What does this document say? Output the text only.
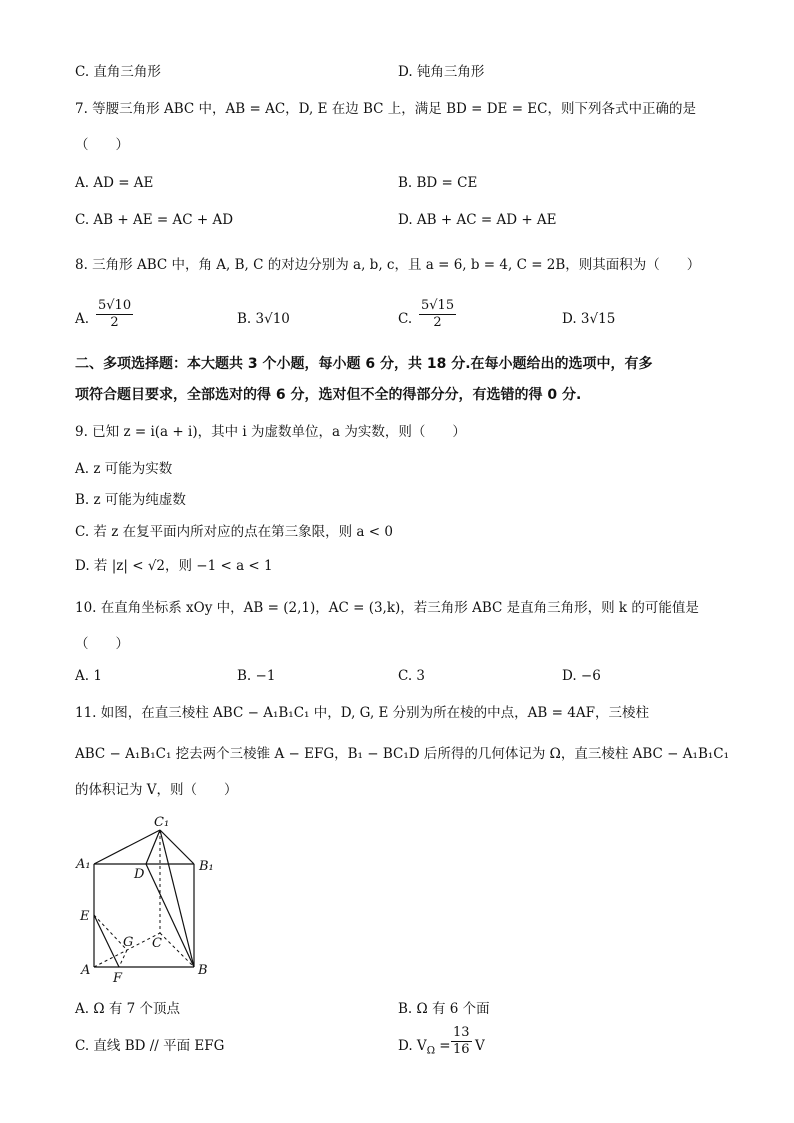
C. 直角三角形	D. 钝角三角形
7. 等腰三角形 ABC 中，AB = AC，D, E 在边 BC 上，满足 BD = DE = EC，则下列各式中正确的是
（　　）
A. AD = AE	B. BD = CE
C. AB + AE = AC + AD	D. AB + AC = AD + AE
8. 三角形 ABC 中，角 A, B, C 的对边分别为 a, b, c，且 a = 6, b = 4, C = 2B，则其面积为（　　）
A. $\frac{5√10}{2}$	B. 3√10	C. $\frac{5√15}{2}$	D. 3√15
二、多项选择题：本大题共 3 个小题，每小题 6 分，共 18 分.在每小题给出的选项中，有多
项符合题目要求，全部选对的得 6 分，选对但不全的得部分分，有选错的得 0 分.
9. 已知 z = i(a + i)，其中 i 为虚数单位，a 为实数，则（　　）
A. z 可能为实数
B. z 可能为纯虚数
C. 若 z 在复平面内所对应的点在第三象限，则 a < 0
D. 若 |z| < √2，则 −1 < a < 1
10. 在直角坐标系 xOy 中，AB = (2,1)，AC = (3,k)，若三角形 ABC 是直角三角形，则 k 的可能值是
（　　）
A. 1	B. −1	C. 3	D. −6
11. 如图，在直三棱柱 ABC − A₁B₁C₁ 中，D, G, E 分别为所在棱的中点，AB = 4AF，三棱柱
ABC − A₁B₁C₁ 挖去两个三棱锥 A − EFG，B₁ − BC₁D 后所得的几何体记为 Ω，直三棱柱 ABC − A₁B₁C₁
的体积记为 V，则（　　）
C₁
A₁	B₁
D
E
G C
A
F
B
A. Ω 有 7 个顶点	B. Ω 有 6 个面
C. 直线 BD // 平面 EFG	D. $V_\Omega = \frac{13}{16}$ V
